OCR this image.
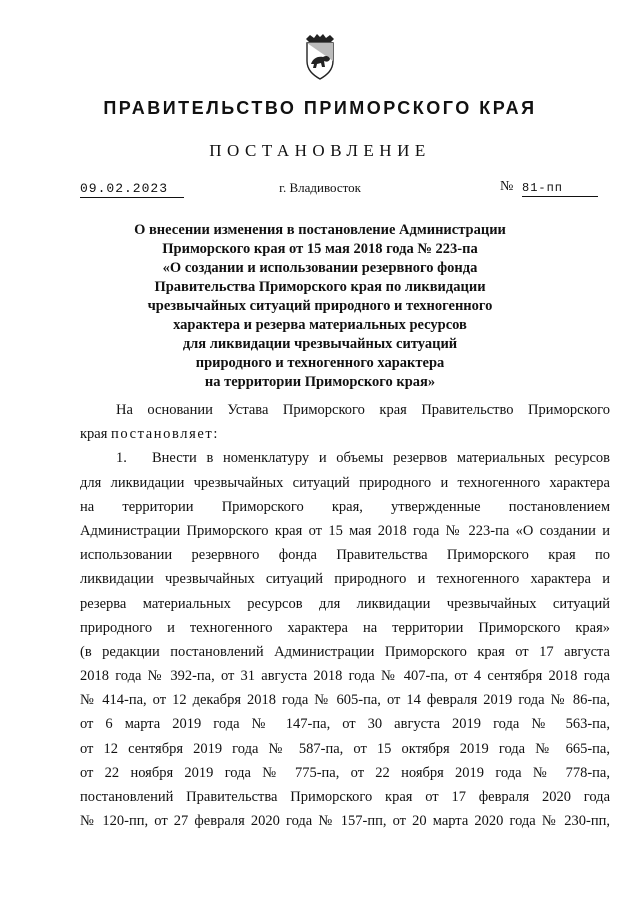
ПРАВИТЕЛЬСТВО ПРИМОРСКОГО КРАЯ
ПОСТАНОВЛЕНИЕ
09.02.2023	г. Владивосток	№ 81-пп
О внесении изменения в постановление Администрации
Приморского края от 15 мая 2018 года № 223-па
«О создании и использовании резервного фонда
Правительства Приморского края по ликвидации
чрезвычайных ситуаций природного и техногенного
характера и резерва материальных ресурсов
для ликвидации чрезвычайных ситуаций
природного и техногенного характера
на территории Приморского края»
На основании Устава Приморского края Правительство Приморского
края постановляет:
1. Внести в номенклатуру и объемы резервов материальных ресурсов
для ликвидации чрезвычайных ситуаций природного и техногенного характера
на территории Приморского края, утвержденные постановлением
Администрации Приморского края от 15 мая 2018 года № 223-па «О создании и
использовании резервного фонда Правительства Приморского края по
ликвидации чрезвычайных ситуаций природного и техногенного характера и
резерва материальных ресурсов для ликвидации чрезвычайных ситуаций
природного и техногенного характера на территории Приморского края»
(в редакции постановлений Администрации Приморского края от 17 августа
2018 года № 392-па, от 31 августа 2018 года № 407-па, от 4 сентября 2018 года
№ 414-па, от 12 декабря 2018 года № 605-па, от 14 февраля 2019 года № 86-па,
от 6 марта 2019 года № 147-па, от 30 августа 2019 года № 563-па,
от 12 сентября 2019 года № 587-па, от 15 октября 2019 года № 665-па,
от 22 ноября 2019 года № 775-па, от 22 ноября 2019 года № 778-па,
постановлений Правительства Приморского края от 17 февраля 2020 года
№ 120-пп, от 27 февраля 2020 года № 157-пп, от 20 марта 2020 года № 230-пп,
